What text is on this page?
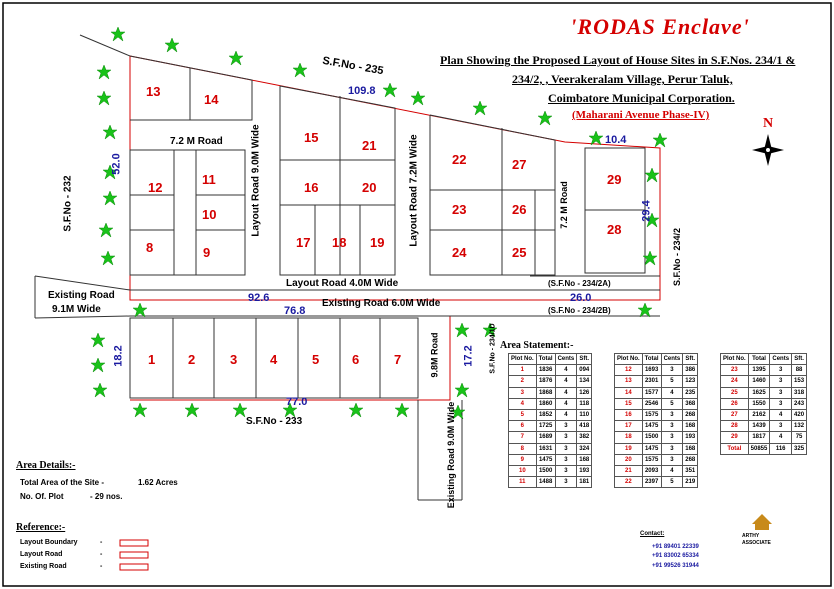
'RODAS Enclave'
Plan Showing the Proposed Layout of House Sites in S.F.Nos. 234/1 &
234/2, , Veerakeralam Village, Perur Taluk,
Coimbatore Municipal Corporation.
(Maharani Avenue Phase-IV)
N
S.F.No - 235
S.F.No - 232
S.F.No - 233
S.F.No - 234/2
(S.F.No - 234/2A)
(S.F.No - 234/2B)
S.F.No - 234/1D
7.2 M Road	Layout Road 9.0M Wide	Layout Road 7.2M Wide	7.2 M Road
Layout Road 4.0M Wide
Existing Road 6.0M Wide
Existing Road
9.1M Wide
9.8M Road
Existing Road 9.0M Wide
109.8
52.0
10.4
29.4
92.6
76.8
26.0
18.2
77.0
17.2
1	2	3	4	5	6	7
8	9
10
11
12
13
14
15
16
17 18 19
20
21
22
23
24	25
26
27
28
29
Area Details:-
Total Area of the Site -	1.62 Acres
No. Of. Plot	- 29 nos.
Reference:-
Layout Boundary	-
Layout Road	-
Existing Road	-
Area Statement:-
Plot No.	Total	Cents	Sft.
1	1836	4	094
2	1876	4	134
3	1868	4	126
4	1860	4	118
5	1852	4	110
6	1725	3	418
7	1689	3	382
8	1631	3	324
9	1475	3	168
10	1500	3	193
11	1488	3	181
Plot No.	Total	Cents	Sft.
12	1693	3	386
13	2301	5	123
14	1577	4	235
15	2546	5	368
16	1575	3	268
17	1475	3	168
18	1500	3	193
19	1475	3	168
20	1575	3	268
21	2093	4	351
22	2397	5	219
Plot No.	Total	Cents	Sft.
23	1395	3	88
24	1460	3	153
25	1625	3	318
26	1550	3	243
27	2162	4	420
28	1439	3	132
29	1817	4	75
Total	50855	116	325
Contact:
+91 89401 22339
+91 83002 65334
+91 99526 31944
ARTHY
ASSOCIATE
